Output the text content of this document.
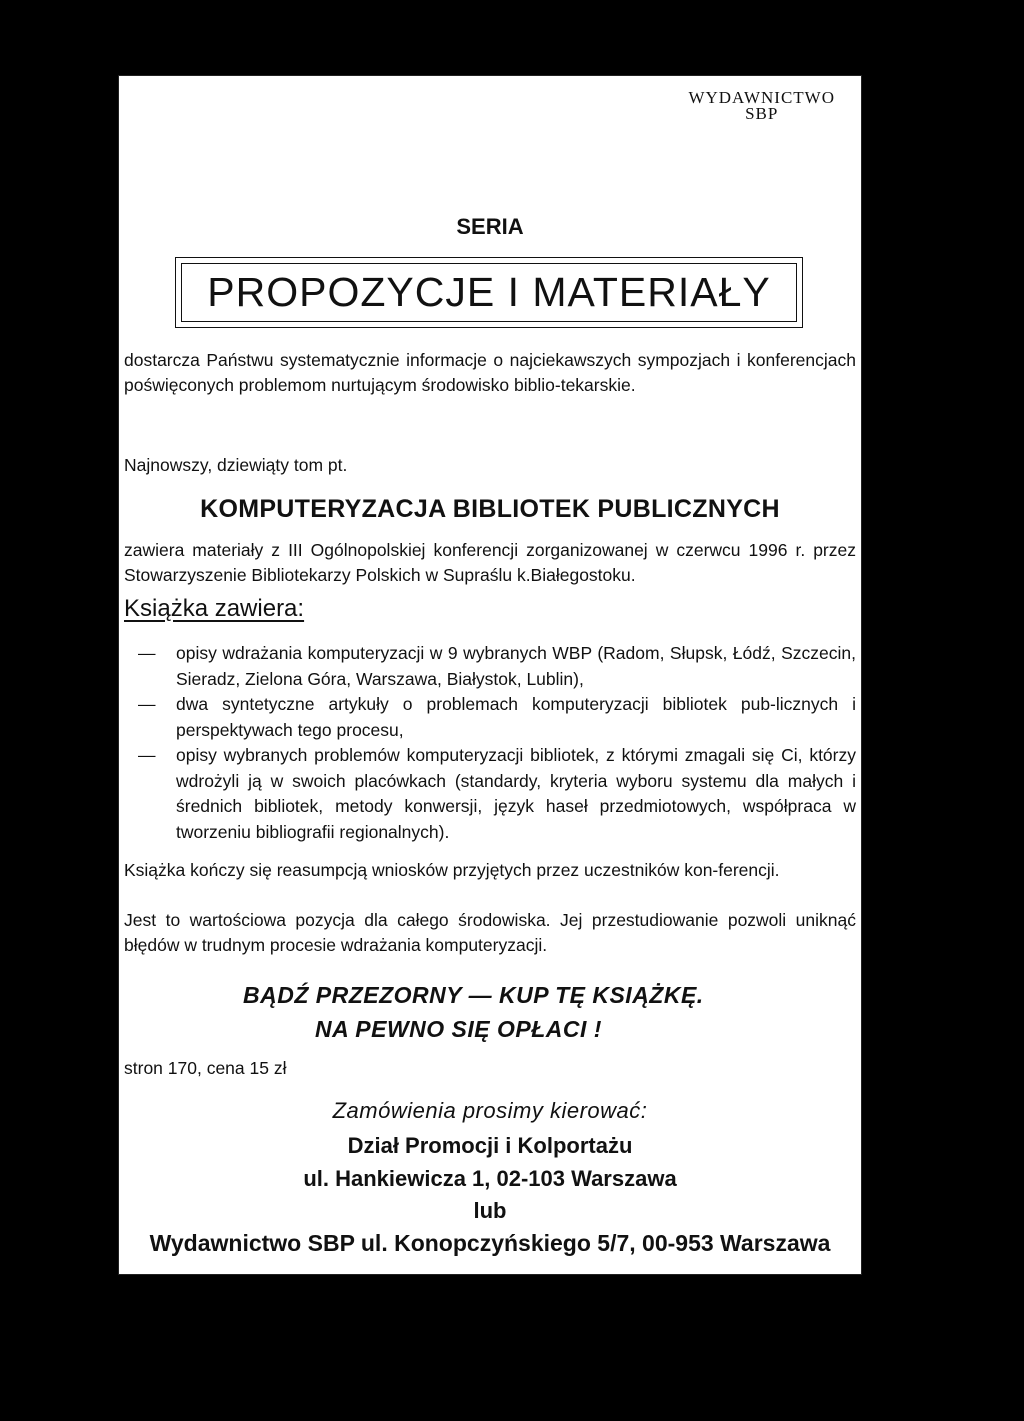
WYDAWNICTWO
SBP
SERIA
PROPOZYCJE I MATERIAŁY
dostarcza Państwu systematycznie informacje o najciekawszych sympozjach i konferencjach poświęconych problemom nurtującym środowisko biblio-tekarskie.
Najnowszy, dziewiąty tom pt.
KOMPUTERYZACJA BIBLIOTEK PUBLICZNYCH
zawiera materiały z III Ogólnopolskiej konferencji zorganizowanej w czerwcu 1996 r. przez Stowarzyszenie Bibliotekarzy Polskich w Supraślu k.Białegostoku.
Książka zawiera:
— opisy wdrażania komputeryzacji w 9 wybranych WBP (Radom, Słupsk, Łódź, Szczecin, Sieradz, Zielona Góra, Warszawa, Białystok, Lublin),
— dwa syntetyczne artykuły o problemach komputeryzacji bibliotek pub-licznych i perspektywach tego procesu,
— opisy wybranych problemów komputeryzacji bibliotek, z którymi zmagali się Ci, którzy wdrożyli ją w swoich placówkach (standardy, kryteria wyboru systemu dla małych i średnich bibliotek, metody konwersji, język haseł przedmiotowych, współpraca w tworzeniu bibliografii regionalnych).
Książka kończy się reasumpcją wniosków przyjętych przez uczestników kon-ferencji.
Jest to wartościowa pozycja dla całego środowiska. Jej przestudiowanie pozwoli uniknąć błędów w trudnym procesie wdrażania komputeryzacji.
BĄDŹ PRZEZORNY — KUP TĘ KSIĄŻKĘ.
NA PEWNO SIĘ OPŁACI !
stron 170, cena 15 zł
Zamówienia prosimy kierować:
Dział Promocji i Kolportażu
ul. Hankiewicza 1, 02-103 Warszawa
lub
Wydawnictwo SBP ul. Konopczyńskiego 5/7, 00-953 Warszawa
